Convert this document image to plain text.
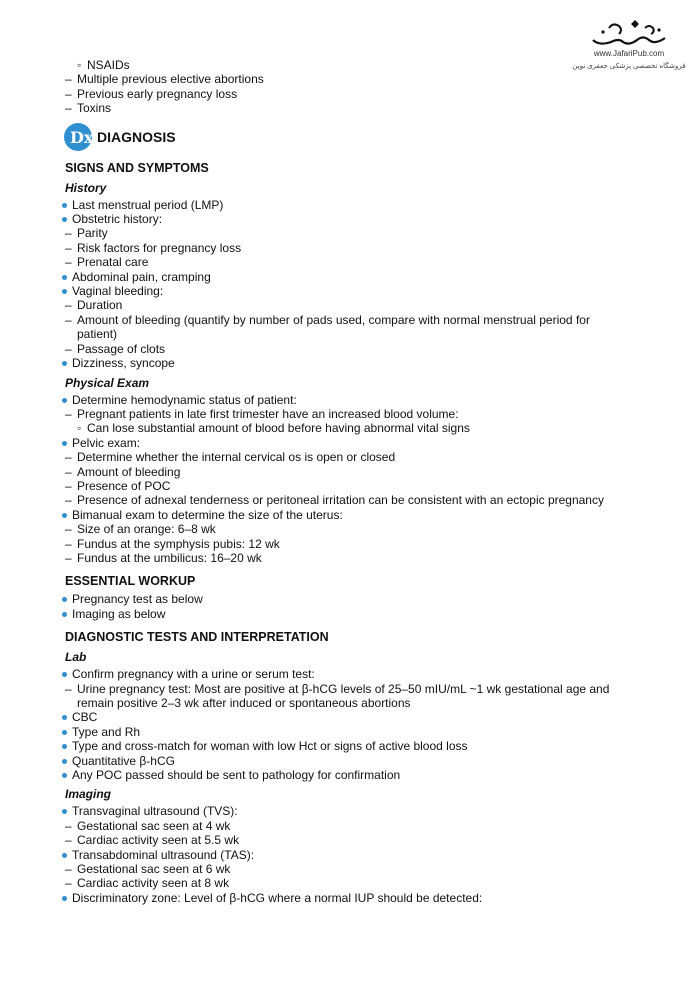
www.JafariPub.com
فروشگاه تخصصی پزشکی جعفری نوین
◦ NSAIDs
– Multiple previous elective abortions
– Previous early pregnancy loss
– Toxins
Dx DIAGNOSIS
SIGNS AND SYMPTOMS
History
Last menstrual period (LMP)
Obstetric history:
– Parity
– Risk factors for pregnancy loss
– Prenatal care
Abdominal pain, cramping
Vaginal bleeding:
– Duration
– Amount of bleeding (quantify by number of pads used, compare with normal menstrual period for
patient)
– Passage of clots
Dizziness, syncope
Physical Exam
Determine hemodynamic status of patient:
– Pregnant patients in late first trimester have an increased blood volume:
◦ Can lose substantial amount of blood before having abnormal vital signs
Pelvic exam:
– Determine whether the internal cervical os is open or closed
– Amount of bleeding
– Presence of POC
– Presence of adnexal tenderness or peritoneal irritation can be consistent with an ectopic pregnancy
Bimanual exam to determine the size of the uterus:
– Size of an orange: 6–8 wk
– Fundus at the symphysis pubis: 12 wk
– Fundus at the umbilicus: 16–20 wk
ESSENTIAL WORKUP
Pregnancy test as below
Imaging as below
DIAGNOSTIC TESTS AND INTERPRETATION
Lab
Confirm pregnancy with a urine or serum test:
– Urine pregnancy test: Most are positive at β-hCG levels of 25–50 mIU/mL ~1 wk gestational age and
remain positive 2–3 wk after induced or spontaneous abortions
CBC
Type and Rh
Type and cross-match for woman with low Hct or signs of active blood loss
Quantitative β-hCG
Any POC passed should be sent to pathology for confirmation
Imaging
Transvaginal ultrasound (TVS):
– Gestational sac seen at 4 wk
– Cardiac activity seen at 5.5 wk
Transabdominal ultrasound (TAS):
– Gestational sac seen at 6 wk
– Cardiac activity seen at 8 wk
Discriminatory zone: Level of β-hCG where a normal IUP should be detected:
